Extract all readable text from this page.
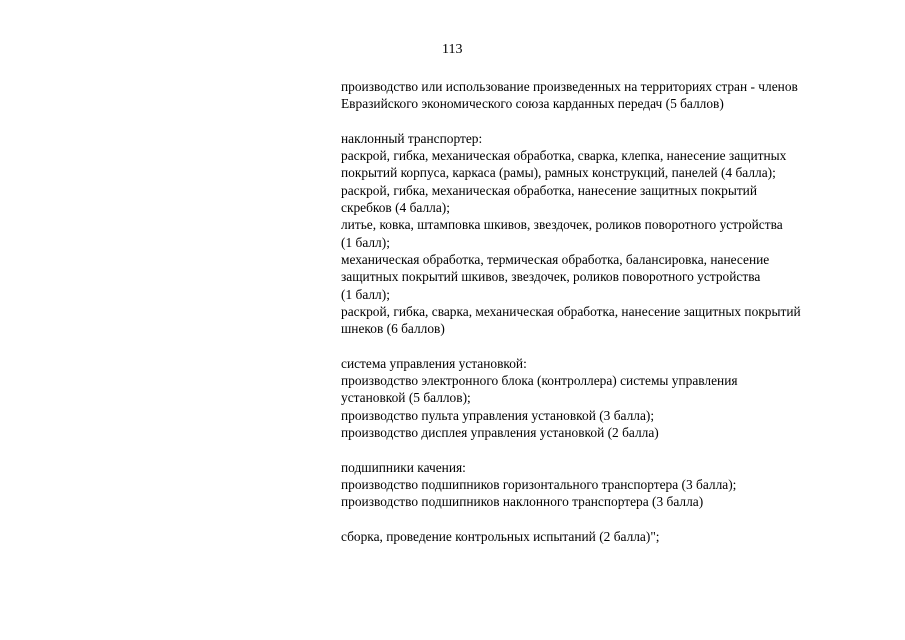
113
производство или использование произведенных на территориях стран - членов
Евразийского экономического союза карданных передач (5 баллов)
наклонный транспортер:
раскрой, гибка, механическая обработка, сварка, клепка, нанесение защитных
покрытий корпуса, каркаса (рамы), рамных конструкций, панелей (4 балла);
раскрой, гибка, механическая обработка, нанесение защитных покрытий
скребков (4 балла);
литье, ковка, штамповка шкивов, звездочек, роликов поворотного устройства
(1 балл);
механическая обработка, термическая обработка, балансировка, нанесение
защитных покрытий шкивов, звездочек, роликов поворотного устройства
(1 балл);
раскрой, гибка, сварка, механическая обработка, нанесение защитных покрытий
шнеков (6 баллов)
система управления установкой:
производство электронного блока (контроллера) системы управления
установкой (5 баллов);
производство пульта управления установкой (3 балла);
производство дисплея управления установкой (2 балла)
подшипники качения:
производство подшипников горизонтального транспортера (3 балла);
производство подшипников наклонного транспортера (3 балла)
сборка, проведение контрольных испытаний (2 балла)";
